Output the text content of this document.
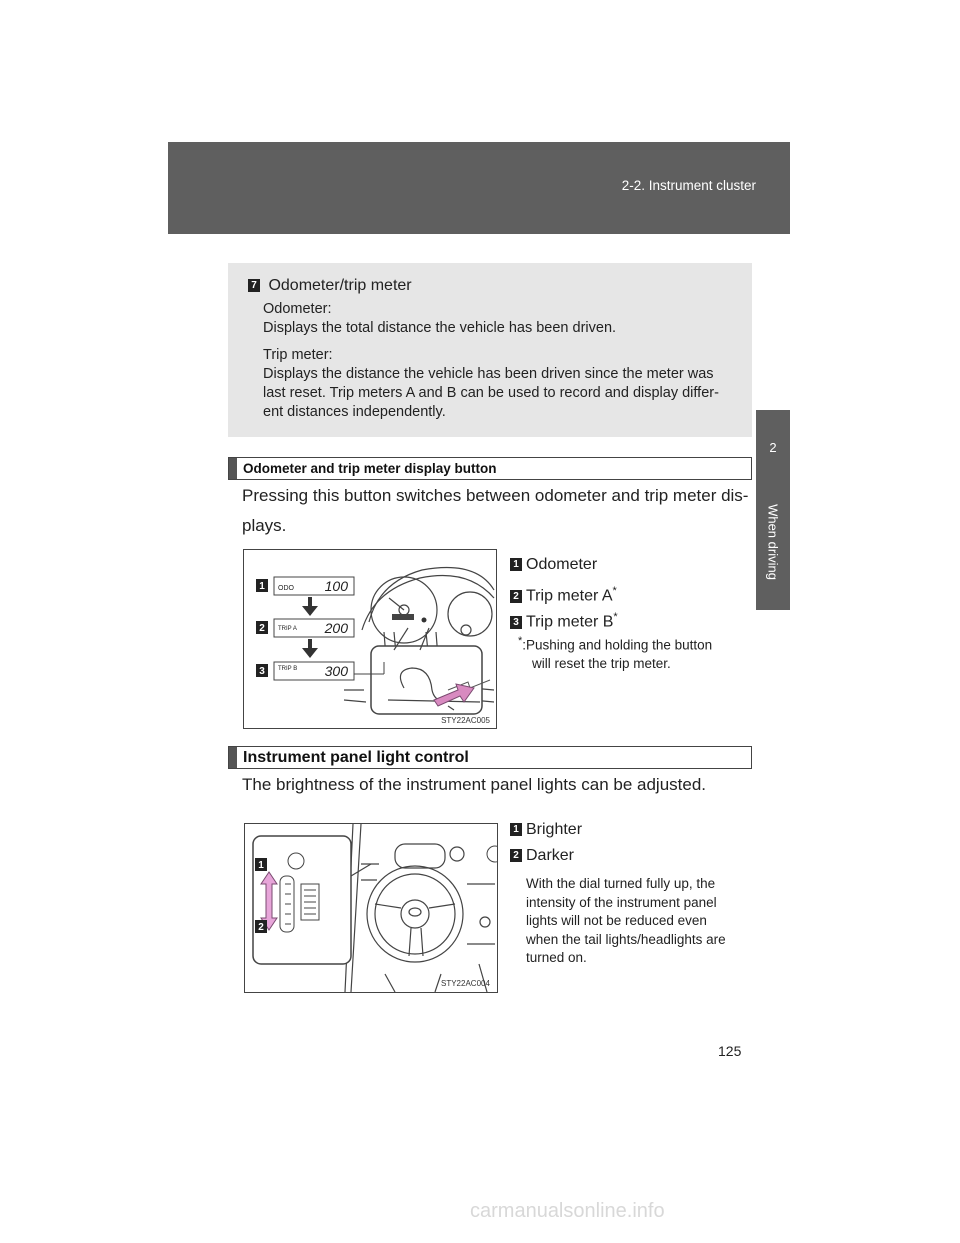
2-2. Instrument cluster
2
When driving
7 Odometer/trip meter
Odometer:
Displays the total distance the vehicle has been driven.
Trip meter:
Displays the distance the vehicle has been driven since the meter was
last reset. Trip meters A and B can be used to record and display differ-
ent distances independently.
Odometer and trip meter display button
Pressing this button switches between odometer and trip meter dis-
plays.
1
2
3
ODO
TRIP A
TRIP B
100
200
300
STY22AC005
1 Odometer
2 Trip meter A*
3 Trip meter B*
*:Pushing and holding the button
will reset the trip meter.
Instrument panel light control
The brightness of the instrument panel lights can be adjusted.
1
2
STY22AC004
1 Brighter
2 Darker
With the dial turned fully up, the
intensity of the instrument panel
lights will not be reduced even
when the tail lights/headlights are
turned on.
125
carmanualsonline.info
